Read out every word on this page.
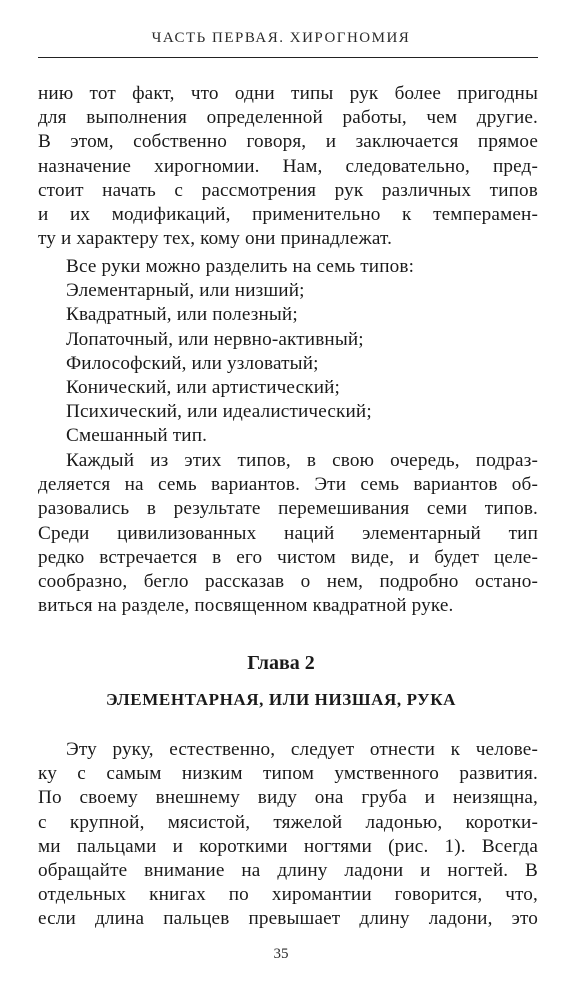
ЧАСТЬ ПЕРВАЯ. ХИРОГНОМИЯ
нию тот факт, что одни типы рук более пригодны
для выполнения определенной работы, чем другие.
В этом, собственно говоря, и заключается прямое
назначение хирогномии. Нам, следовательно, пред-
стоит начать с рассмотрения рук различных типов
и их модификаций, применительно к темперамен-
ту и характеру тех, кому они принадлежат.
Все руки можно разделить на семь типов:
Элементарный, или низший;
Квадратный, или полезный;
Лопаточный, или нервно-активный;
Философский, или узловатый;
Конический, или артистический;
Психический, или идеалистический;
Смешанный тип.
Каждый из этих типов, в свою очередь, подраз-
деляется на семь вариантов. Эти семь вариантов об-
разовались в результате перемешивания семи типов.
Среди цивилизованных наций элементарный тип
редко встречается в его чистом виде, и будет целе-
сообразно, бегло рассказав о нем, подробно остано-
виться на разделе, посвященном квадратной руке.
Глава 2
ЭЛЕМЕНТАРНАЯ, ИЛИ НИЗШАЯ, РУКА
Эту руку, естественно, следует отнести к челове-
ку с самым низким типом умственного развития.
По своему внешнему виду она груба и неизящна,
с крупной, мясистой, тяжелой ладонью, коротки-
ми пальцами и короткими ногтями (рис. 1). Всегда
обращайте внимание на длину ладони и ногтей. В
отдельных книгах по хиромантии говорится, что,
если длина пальцев превышает длину ладони, это
35
